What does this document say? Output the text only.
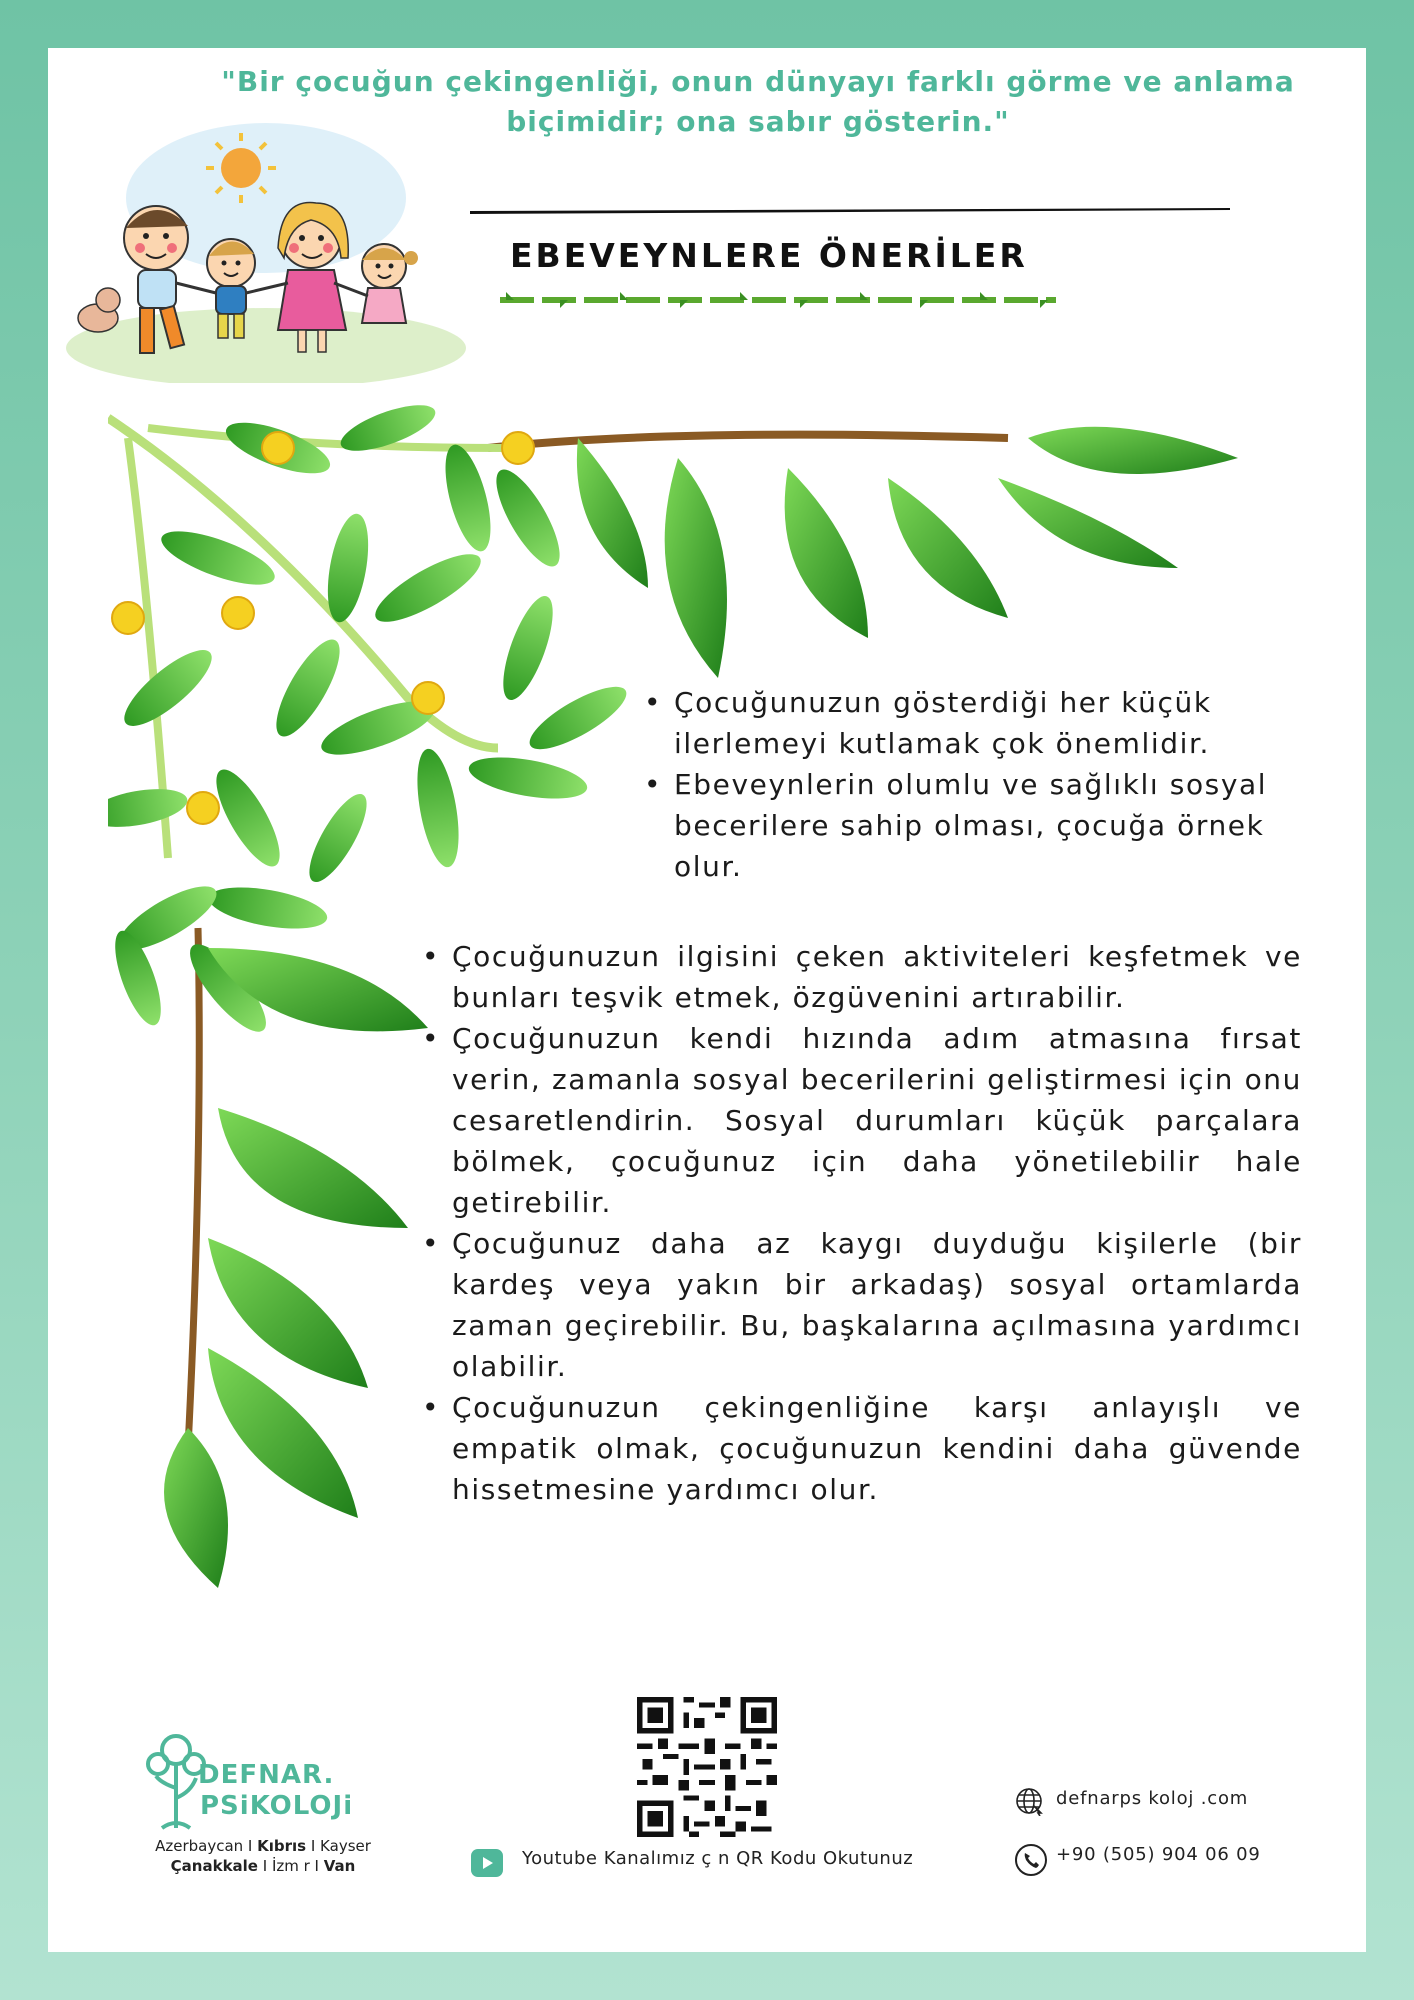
"Bir çocuğun çekingenliği, onun dünyayı farklı görme ve anlama biçimidir; ona sabır gösterin."
EBEVEYNLERE ÖNERİLER
• Çocuğunuzun gösterdiği her küçük ilerlemeyi kutlamak çok önemlidir.
• Ebeveynlerin olumlu ve sağlıklı sosyal becerilere sahip olması, çocuğa örnek olur.
• Çocuğunuzun ilgisini çeken aktiviteleri keşfetmek ve bunları teşvik etmek, özgüvenini artırabilir.
• Çocuğunuzun kendi hızında adım atmasına fırsat verin, zamanla sosyal becerilerini geliştirmesi için onu cesaretlendirin. Sosyal durumları küçük parçalara bölmek, çocuğunuz için daha yönetilebilir hale getirebilir.
• Çocuğunuz daha az kaygı duyduğu kişilerle (bir kardeş veya yakın bir arkadaş) sosyal ortamlarda zaman geçirebilir. Bu, başkalarına açılmasına yardımcı olabilir.
• Çocuğunuzun çekingenliğine karşı anlayışlı ve empatik olmak, çocuğunuzun kendini daha güvende hissetmesine yardımcı olur.
DEFNAR.
PSiKOLOJi
Azerbaycan I Kıbrıs I Kayser
Çanakkale I İzm r I Van	Youtube Kanalımız ç n QR Kodu Okutunuz
defnarps koloj .com
+90 (505) 904 06 09
